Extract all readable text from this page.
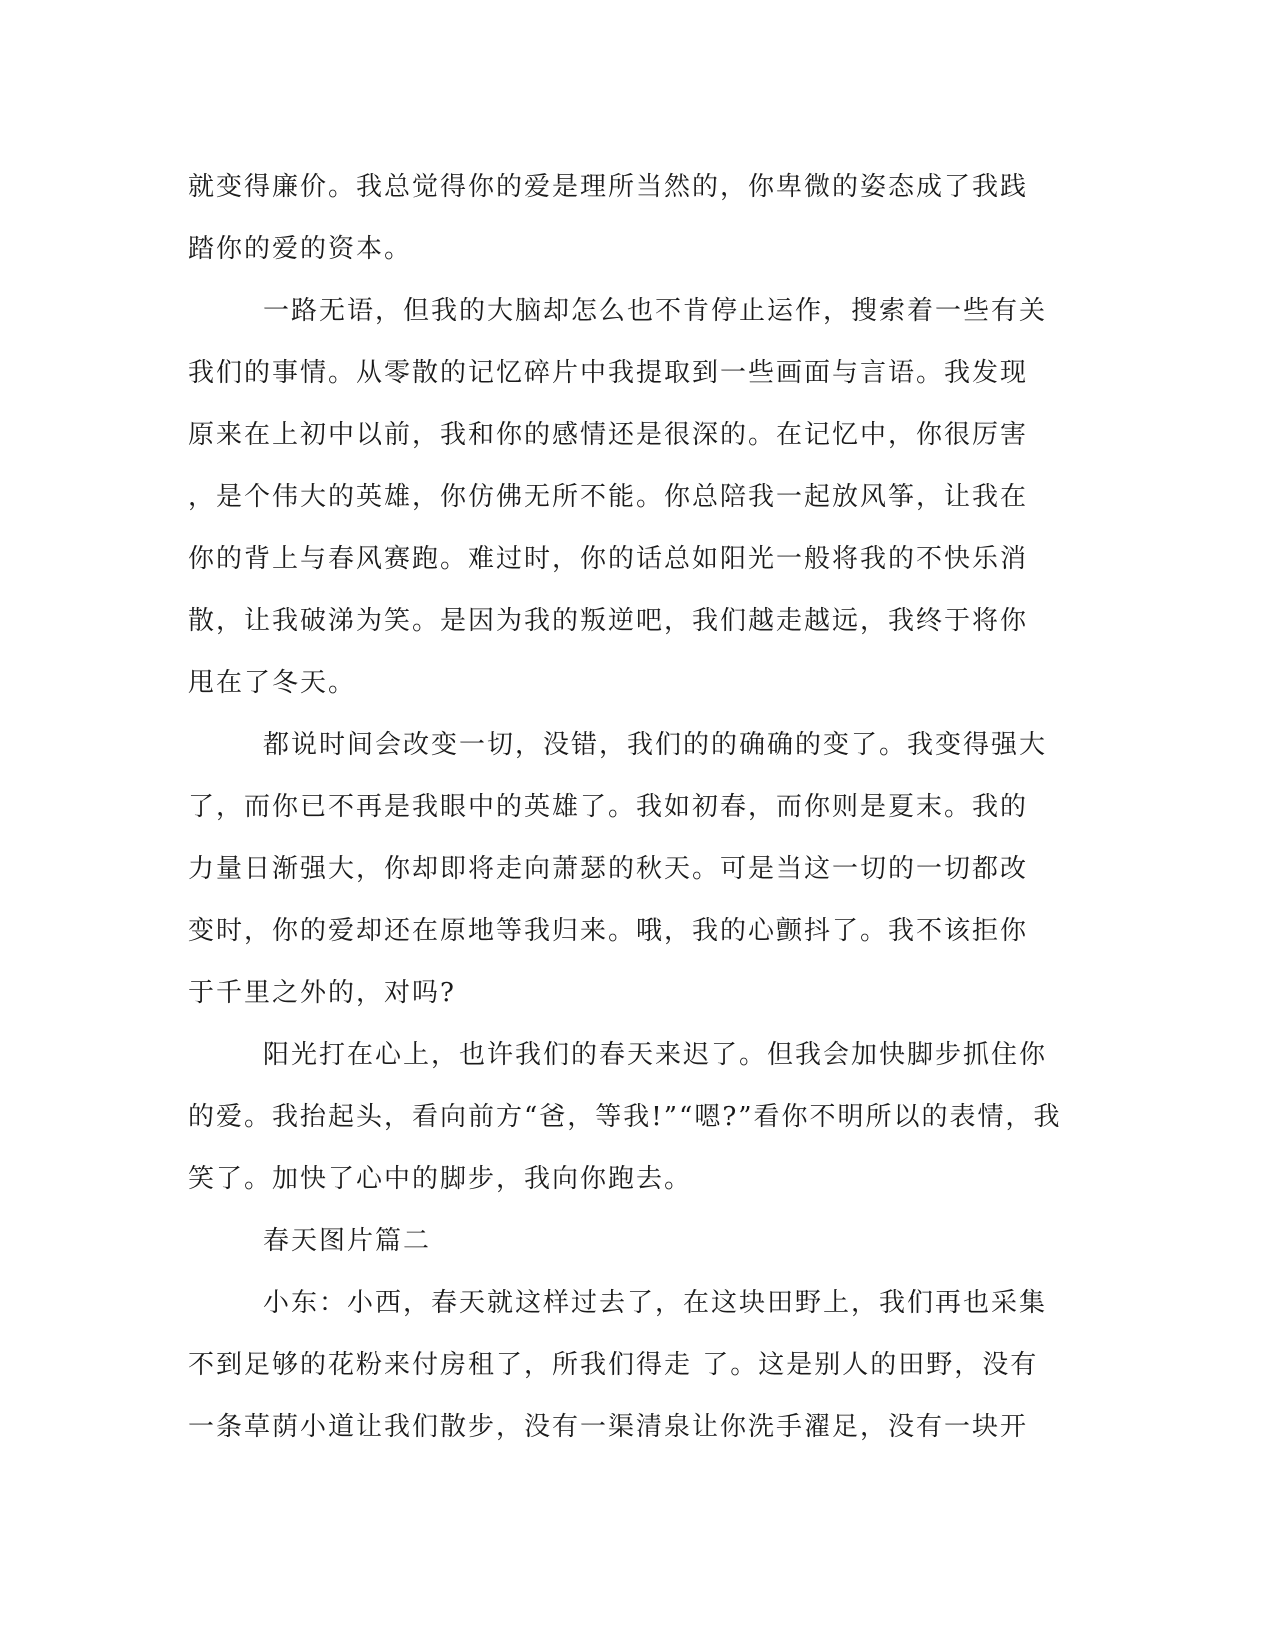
就变得廉价。我总觉得你的爱是理所当然的，你卑微的姿态成了我践
踏你的爱的资本。
一路无语，但我的大脑却怎么也不肯停止运作，搜索着一些有关
我们的事情。从零散的记忆碎片中我提取到一些画面与言语。我发现
原来在上初中以前，我和你的感情还是很深的。在记忆中，你很厉害
，是个伟大的英雄，你仿佛无所不能。你总陪我一起放风筝，让我在
你的背上与春风赛跑。难过时，你的话总如阳光一般将我的不快乐消
散，让我破涕为笑。是因为我的叛逆吧，我们越走越远，我终于将你
甩在了冬天。
都说时间会改变一切，没错，我们的的确确的变了。我变得强大
了，而你已不再是我眼中的英雄了。我如初春，而你则是夏末。我的
力量日渐强大，你却即将走向萧瑟的秋天。可是当这一切的一切都改
变时，你的爱却还在原地等我归来。哦，我的心颤抖了。我不该拒你
于千里之外的，对吗?
阳光打在心上，也许我们的春天来迟了。但我会加快脚步抓住你
的爱。我抬起头，看向前方“爸，等我!”“嗯?”看你不明所以的表情，我
笑了。加快了心中的脚步，我向你跑去。
春天图片篇二
小东：小西，春天就这样过去了，在这块田野上，我们再也采集
不到足够的花粉来付房租了，所我们得走 了。这是别人的田野，没有
一条草荫小道让我们散步，没有一渠清泉让你洗手濯足，没有一块开
